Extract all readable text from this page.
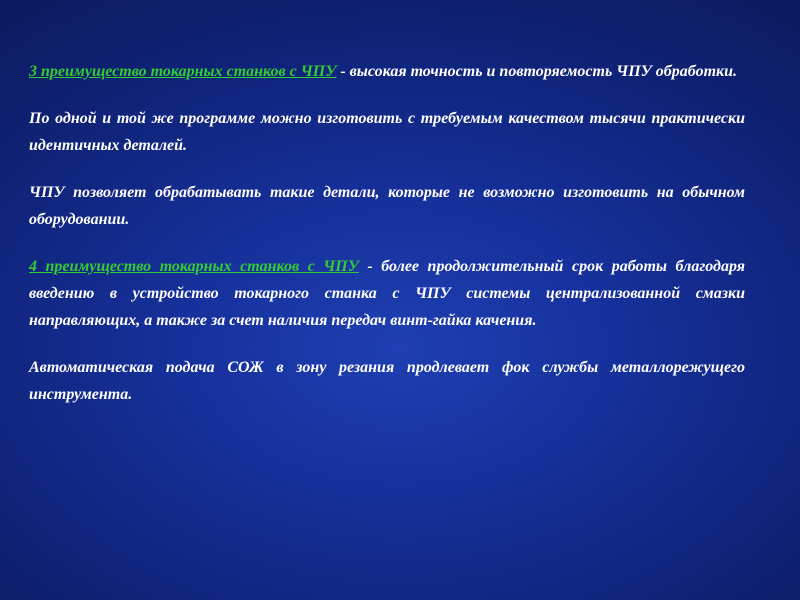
3 преимущество токарных станков с ЧПУ - высокая точность и повторяемость ЧПУ обработки.

По одной и той же программе можно изготовить с требуемым качеством тысячи практически идентичных деталей.

ЧПУ позволяет обрабатывать такие детали, которые не возможно изготовить на обычном оборудовании.

4 преимущество токарных станков с ЧПУ - более продолжительный срок работы благодаря введению в устройство токарного станка с ЧПУ системы централизованной смазки направляющих, а также за счет наличия передач винт-гайка качения.

Автоматическая подача СОЖ в зону резания продлевает фок службы металлорежущего инструмента.
